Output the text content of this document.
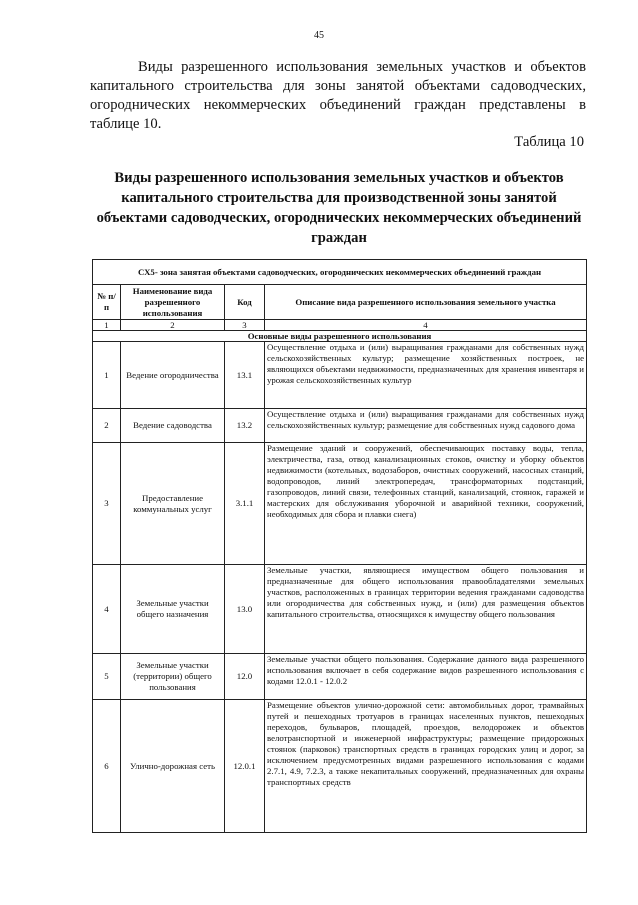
45

Виды разрешенного использования земельных участков и объектов капитального строительства для зоны занятой объектами садоводческих, огороднических некоммерческих объединений граждан представлены в таблице 10.

Таблица 10
Виды разрешенного использования земельных участков и объектов капитального строительства для производственной зоны занятой объектами садоводческих, огороднических некоммерческих объединений граждан
СХ5- зона занятая объектами садоводческих, огороднических некоммерческих объединений граждан			
№ п/п	Наименование вида разрешенного использования	Код	Описание вида разрешенного использования земельного участка
1	2	3	4
Основные виды разрешенного использования			
1	Ведение огородничества	13.1	Осуществление отдыха и (или) выращивания гражданами для собственных нужд сельскохозяйственных культур; размещение хозяйственных построек, не являющихся объектами недвижимости, предназначенных для хранения инвентаря и урожая сельскохозяйственных культур
2	Ведение садоводства	13.2	Осуществление отдыха и (или) выращивания гражданами для собственных нужд сельскохозяйственных культур; размещение для собственных нужд садового дома
3	Предоставление коммунальных услуг	3.1.1	Размещение зданий и сооружений, обеспечивающих поставку воды, тепла, электричества, газа, отвод канализационных стоков, очистку и уборку объектов недвижимости (котельных, водозаборов, очистных сооружений, насосных станций, водопроводов, линий электропередач, трансформаторных подстанций, газопроводов, линий связи, телефонных станций, канализаций, стоянок, гаражей и мастерских для обслуживания уборочной и аварийной техники, сооружений, необходимых для сбора и плавки снега)
4	Земельные участки общего назначения	13.0	Земельные участки, являющиеся имуществом общего пользования и предназначенные для общего использования правообладателями земельных участков, расположенных в границах территории ведения гражданами садоводства или огородничества для собственных нужд, и (или) для размещения объектов капитального строительства, относящихся к имуществу общего пользования
5	Земельные участки (территории) общего пользования	12.0	Земельные участки общего пользования. Содержание данного вида разрешенного использования включает в себя содержание видов разрешенного использования с кодами 12.0.1 - 12.0.2
6	Улично-дорожная сеть	12.0.1	Размещение объектов улично-дорожной сети: автомобильных дорог, трамвайных путей и пешеходных тротуаров в границах населенных пунктов, пешеходных переходов, бульваров, площадей, проездов, велодорожек и объектов велотранспортной и инженерной инфраструктуры; размещение придорожных стоянок (парковок) транспортных средств в границах городских улиц и дорог, за исключением предусмотренных видами разрешенного использования с кодами 2.7.1, 4.9, 7.2.3, а также некапитальных сооружений, предназначенных для охраны транспортных средств
